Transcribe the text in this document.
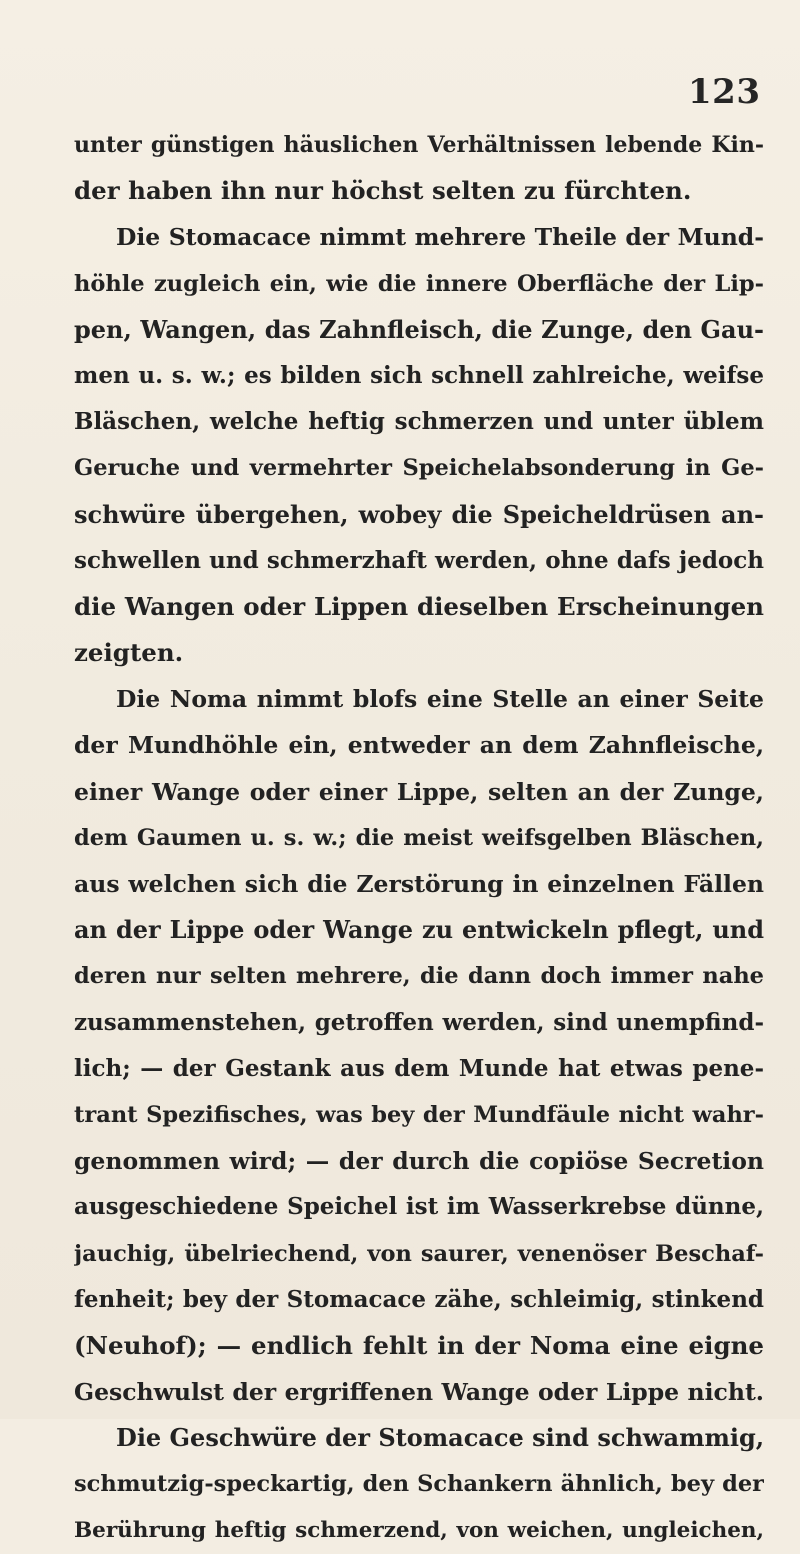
123
unter günstigen häuslichen Verhältnissen lebende Kin-
der haben ihn nur höchst selten zu fürchten.
Die Stomacace nimmt mehrere Theile der Mund-
höhle zugleich ein, wie die innere Oberfläche der Lip-
pen, Wangen, das Zahnfleisch, die Zunge, den Gau-
men u. s. w.; es bilden sich schnell zahlreiche, weifse
Bläschen, welche heftig schmerzen und unter üblem
Geruche und vermehrter Speichelabsonderung in Ge-
schwüre übergehen, wobey die Speicheldrüsen an-
schwellen und schmerzhaft werden, ohne dafs jedoch
die Wangen oder Lippen dieselben Erscheinungen
zeigten.
Die Noma nimmt blofs eine Stelle an einer Seite
der Mundhöhle ein, entweder an dem Zahnfleische,
einer Wange oder einer Lippe, selten an der Zunge,
dem Gaumen u. s. w.; die meist weifsgelben Bläschen,
aus welchen sich die Zerstörung in einzelnen Fällen
an der Lippe oder Wange zu entwickeln pflegt, und
deren nur selten mehrere, die dann doch immer nahe
zusammenstehen, getroffen werden, sind unempfind-
lich; — der Gestank aus dem Munde hat etwas pene-
trant Spezifisches, was bey der Mundfäule nicht wahr-
genommen wird; — der durch die copiöse Secretion
ausgeschiedene Speichel ist im Wasserkrebse dünne,
jauchig, übelriechend, von saurer, venenöser Beschaf-
fenheit; bey der Stomacace zähe, schleimig, stinkend
(Neuhof); — endlich fehlt in der Noma eine eigne
Geschwulst der ergriffenen Wange oder Lippe nicht.
Die Geschwüre der Stomacace sind schwammig,
schmutzig-speckartig, den Schankern ähnlich, bey der
Berührung heftig schmerzend, von weichen, ungleichen,
